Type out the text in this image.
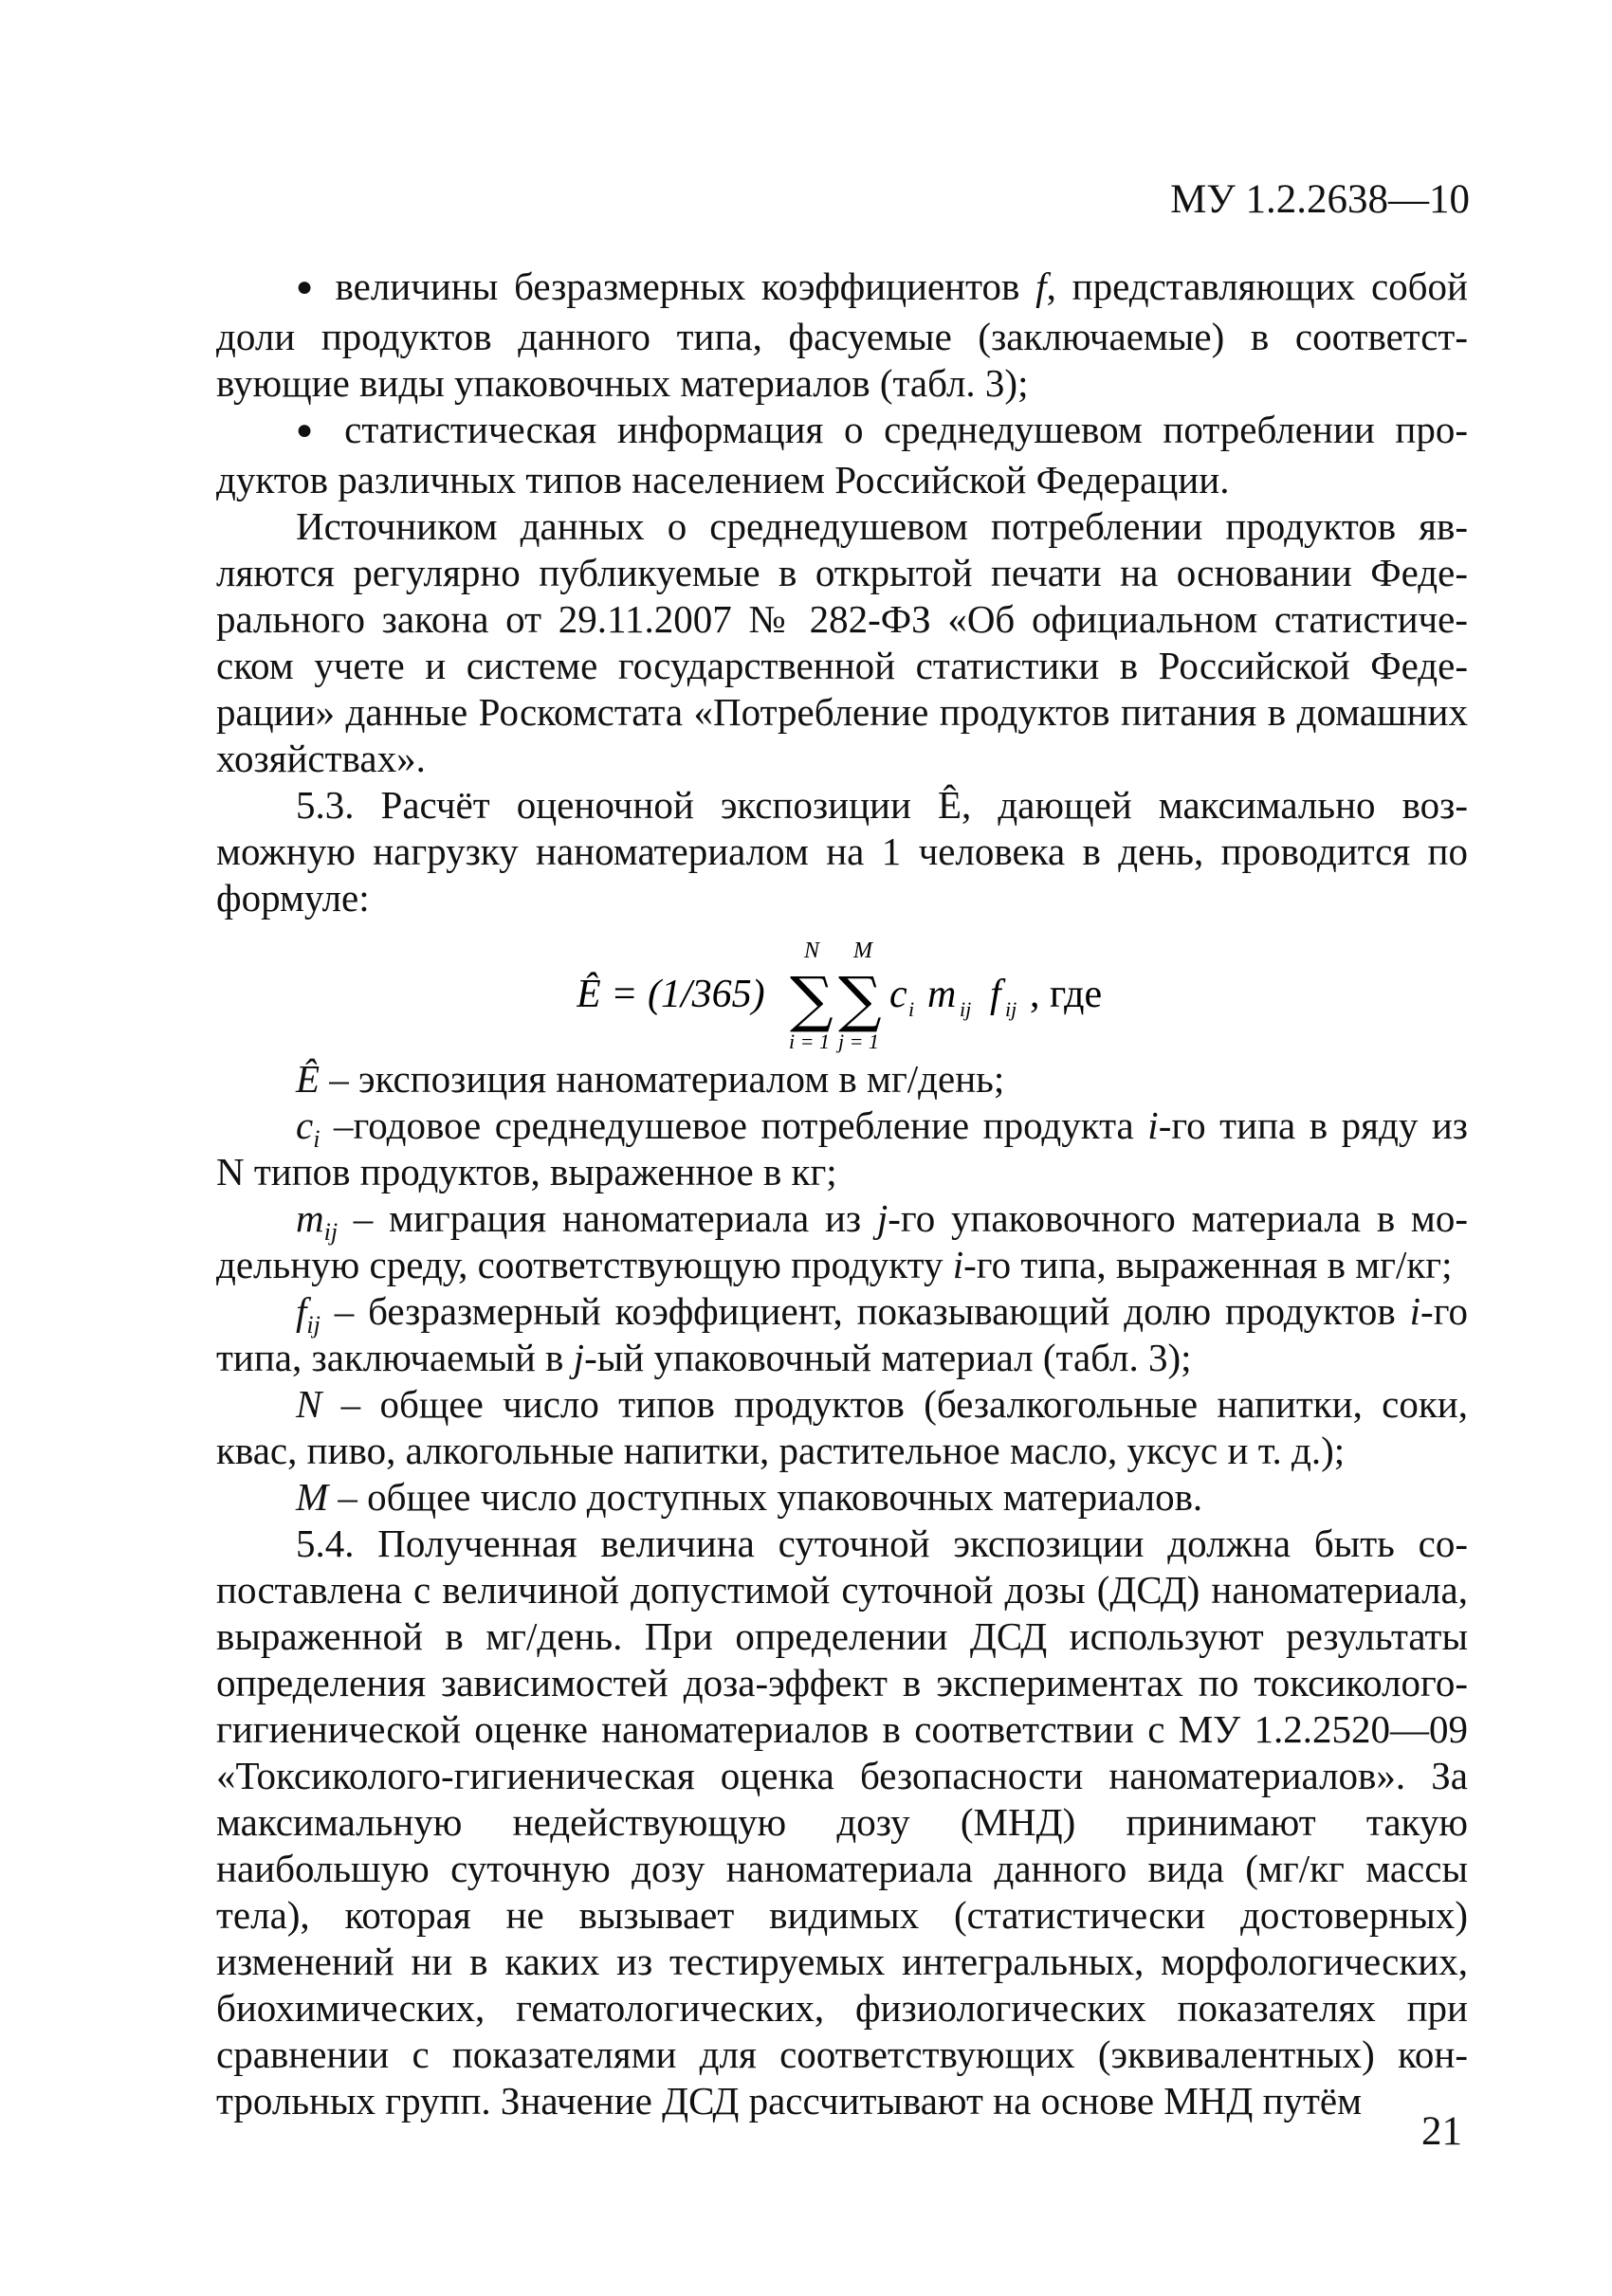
МУ 1.2.2638—10

● величины безразмерных коэффициентов f, представляющих собой доли продуктов данного типа, фасуемые (заключаемые) в соответствующие виды упаковочных материалов (табл. 3);

● статистическая информация о среднедушевом потреблении продуктов различных типов населением Российской Федерации.

Источником данных о среднедушевом потреблении продуктов являются регулярно публикуемые в открытой печати на основании Федерального закона от 29.11.2007 № 282-ФЗ «Об официальном статистическом учете и системе государственной статистики в Российской Федерации» данные Роскомстата «Потребление продуктов питания в домашних хозяйствах».

5.3. Расчёт оценочной экспозиции Ê, дающей максимально возможную нагрузку наноматериалом на 1 человека в день, проводится по формуле:

Ê = (1/365) ∑
N
i = 1
∑
M
j = 1
c i m ij f ij , где

Ê – экспозиция наноматериалом в мг/день;

$c_i$ –годовое среднедушевое потребление продукта i-го типа в ряду из N типов продуктов, выраженное в кг;

$m_{ij}$ – миграция наноматериала из j-го упаковочного материала в модельную среду, соответствующую продукту i-го типа, выраженная в мг/кг;

$f_{ij}$ – безразмерный коэффициент, показывающий долю продуктов i-го типа, заключаемый в j-ый упаковочный материал (табл. 3);

N – общее число типов продуктов (безалкогольные напитки, соки, квас, пиво, алкогольные напитки, растительное масло, уксус и т. д.);

M – общее число доступных упаковочных материалов.

5.4. Полученная величина суточной экспозиции должна быть сопоставлена с величиной допустимой суточной дозы (ДСД) наноматериала, выраженной в мг/день. При определении ДСД используют результаты определения зависимостей доза-эффект в экспериментах по токсиколого-гигиенической оценке наноматериалов в соответствии с МУ 1.2.2520—09 «Токсиколого-гигиеническая оценка безопасности наноматериалов». За максимальную недействующую дозу (МНД) принимают такую наибольшую суточную дозу наноматериала данного вида (мг/кг массы тела), которая не вызывает видимых (статистически достоверных) изменений ни в каких из тестируемых интегральных, морфологических, биохимических, гематологических, физиологических показателях при сравнении с показателями для соответствующих (эквивалентных) контрольных групп. Значение ДСД рассчитывают на основе МНД путём

21
